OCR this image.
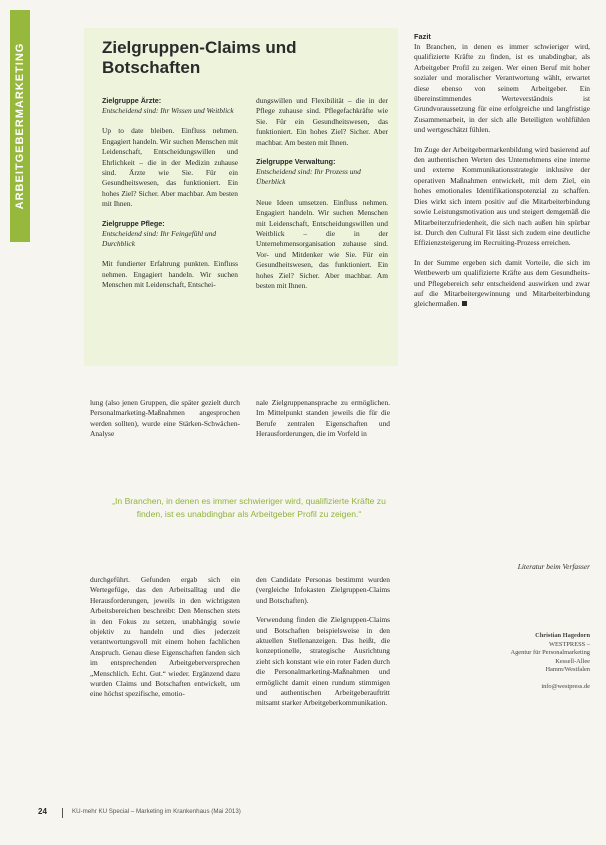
ARBEITGEBERMARKETING	Zielgruppen-Claims und Botschaften

Zielgruppe Ärzte:

Entscheidend sind: Ihr Wissen und Weitblick

Up to date bleiben. Einfluss nehmen. Engagiert handeln. Wir suchen Menschen mit Leidenschaft, Entscheidungswillen und Ehrlichkeit – die in der Medizin zuhause sind. Ärzte wie Sie. Für ein Gesundheitswesen, das funktioniert. Ein hohes Ziel? Sicher. Aber machbar. Am besten mit Ihnen.

Zielgruppe Pflege:

Entscheidend sind: Ihr Feingefühl und Durchblick

Mit fundierter Erfahrung punkten. Einfluss nehmen. Engagiert handeln. Wir suchen Menschen mit Leidenschaft, Entschei-

dungswillen und Flexibilität – die in der Pflege zuhause sind. Pflegefachkräfte wie Sie. Für ein Gesundheitswesen, das funktioniert. Ein hohes Ziel? Sicher. Aber machbar. Am besten mit Ihnen.

Zielgruppe Verwaltung:

Entscheidend sind: Ihr Prozess und Überblick

Neue Ideen umsetzen. Einfluss nehmen. Engagiert handeln. Wir suchen Menschen mit Leidenschaft, Entscheidungswillen und Weitblick – die in der Unternehmensorganisation zuhause sind. Vor- und Mitdenker wie Sie. Für ein Gesundheitswesen, das funktioniert. Ein hohes Ziel? Sicher. Aber machbar. Am besten mit Ihnen.

lung (also jenen Gruppen, die später gezielt durch Personalmarketing-Maßnahmen angesprochen werden sollten), wurde eine Stärken-Schwächen-Analyse

nale Zielgruppenansprache zu ermöglichen. Im Mittelpunkt standen jeweils die für die Berufe zentralen Eigenschaften und Herausforderungen, die im Vorfeld in

„In Branchen, in denen es immer schwieriger wird, qualifizierte Kräfte zu finden, ist es unabdingbar als Arbeitgeber Profil zu zeigen.“

durchgeführt. Gefunden ergab sich ein Wertegefüge, das den Arbeitsalltag und die Herausforderungen, jeweils in den wichtigsten Arbeitsbereichen beschreibt: Den Menschen stets in den Fokus zu setzen, unabhängig sowie objektiv zu handeln und dies jederzeit verantwortungsvoll mit einem hohen fachlichen Anspruch. Genau diese Eigenschaften fanden sich im entsprechenden Arbeitgeberversprechen „Menschlich. Echt. Gut.“ wieder. Ergänzend dazu wurden Claims und Botschaften entwickelt, um eine höchst spezifische, emotio-

den Candidate Personas bestimmt wurden (vergleiche Infokasten Zielgruppen-Claims und Botschaften).

Verwendung finden die Zielgruppen-Claims und Botschaften beispielsweise in den aktuellen Stellenanzeigen. Das heißt, die konzeptionelle, strategische Ausrichtung zieht sich konstant wie ein roter Faden durch die Personalmarketing-Maßnahmen und ermöglicht damit einen rundum stimmigen und authentischen Arbeitgeberauftritt mitsamt starker Arbeitgeberkommunikation.

Fazit

In Branchen, in denen es immer schwieriger wird, qualifizierte Kräfte zu finden, ist es unabdingbar, als Arbeitgeber Profil zu zeigen. Wer einen Beruf mit hoher sozialer und moralischer Verantwortung wählt, erwartet diese ebenso von seinem Arbeitgeber. Ein übereinstimmendes Werteverständnis ist Grundvoraussetzung für eine erfolgreiche und langfristige Zusammenarbeit, in der sich alle Beteiligten wohlfühlen und wertgeschätzt fühlen.

Im Zuge der Arbeitgebermarkenbildung wird basierend auf den authentischen Werten des Unternehmens eine interne und externe Kommunikationsstrategie inklusive der operativen Maßnahmen entwickelt, mit dem Ziel, ein hohes emotionales Identifikationspotenzial zu schaffen. Dies wirkt sich intern positiv auf die Mitarbeiterbindung sowie Leistungsmotivation aus und steigert demgemäß die Mitarbeiterzufriedenheit, die sich nach außen hin spürbar ist. Durch den Cultural Fit lässt sich zudem eine deutliche Effizienzsteigerung im Recruiting-Prozess erreichen.

In der Summe ergeben sich damit Vorteile, die sich im Wettbewerb um qualifizierte Kräfte aus dem Gesundheits- und Pflegebereich sehr entscheidend auswirken und zwar auf die Mitarbeitergewinnung und Mitarbeiterbindung gleichermaßen.

Literatur beim Verfasser
Christian Hagedorn
WESTPRESS –
Agentur für Personalmarketing
Kessell-Allee
Hamm/Westfalen
info@westpress.de
24	KU-mehr KU Special – Marketing im Krankenhaus (Mai 2013)
